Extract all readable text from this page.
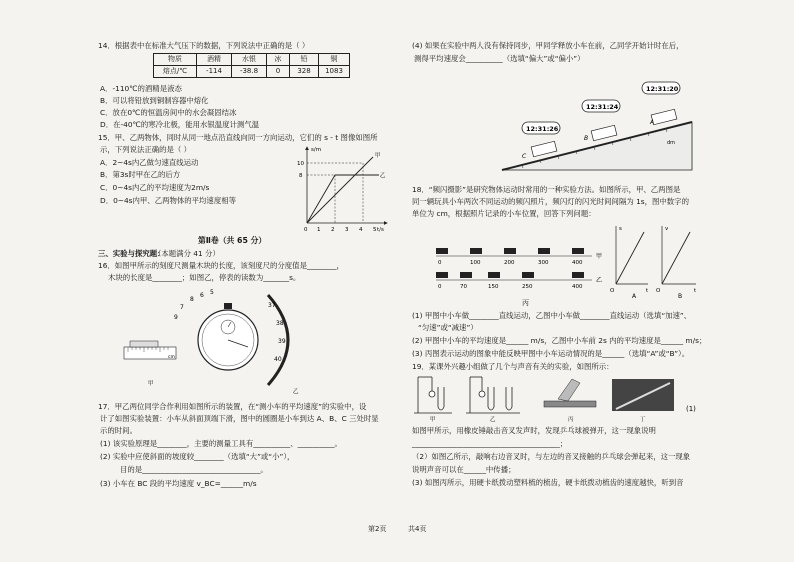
14．根据表中在标准大气压下的数据，下列说法中正确的是（ ）
物质	酒精	水银	冰	铅	铜
熔点/℃	-114	-38.8	0	328	1083
A．-110℃的酒精是液态
B．可以将铅放到铜制容器中熔化
C．放在0℃的恒温房间中的水会凝固结冰
D．在-40℃的寒冷北极，能用水银温度计测气温
15．甲、乙两物体，同时从同一地点沿直线向同一方向运动，它们的 s - t 图像如图所
示，下列说法正确的是（ ）
A．2~4s内乙做匀速直线运动
B．第3s时甲在乙的后方
C．0~4s内乙的平均速度为2m/s
D．0~4s内甲、乙两物体的平均速度相等
s/m
t/s
10
8
0 1 2 3 4 5
甲
乙
第Ⅱ卷（共 65 分）
三、实验与探究题：
（本题满分 41 分）
16．如图甲所示的刻度尺测量木块的长度，该刻度尺的分度值是________，
木块的长度是________；如图乙，停表的读数为_______s。
cm
甲
8
7
6 5
9
37
38
39
40
乙
17．甲乙两位同学合作利用如图所示的装置，在“测小车的平均速度”的实验中，设
计了如图实验装置：小车从斜面顶端下滑，图中的圆圈是小车到达 A、B、C 三处时显
示的时间。
(1) 该实验原理是________，主要的测量工具有__________、__________。
(2) 实验中应使斜面的坡度较________（选填“大”或“小”），
目的是________________________________。
(3) 小车在 BC 段的平均速度 v_BC=______m/s
(4) 如果在实验中两人没有保持同步，甲同学释放小车在前，乙同学开始计时在后，
测得平均速度会__________（选填“偏大”或“偏小”）
dm
A
B
C
12:31:20
12:31:24
12:31:26
18．“频闪摄影”是研究物体运动时常用的一种实验方法。如图所示，甲、乙两图是
同一辆玩具小车两次不同运动的频闪照片，频闪灯的闪光时间间隔为 1s，图中数字的
单位为 cm，根据照片记录的小车位置，回答下列问题：
0	100	200	300	400
甲
0	70	150	250	400
乙
s
t
O
A
v
t
O
B
丙
(1) 甲图中小车做________直线运动，乙图中小车做________直线运动（选填“加速”、
“匀速”或“减速”）
(2) 甲图中小车的平均速度是______ m/s，乙图中小车前 2s 内的平均速度是______ m/s；
(3) 丙图表示运动的图象中能反映甲图中小车运动情况的是______（选填“A”或“B”）。
19．某课外兴趣小组做了几个与声音有关的实验，如图所示：
甲	乙	丙	丁
(1)
如图甲所示，用橡皮锤敲击音叉发声时，发现乒乓球被弹开，这一现象说明
________________________________________；
（2）如图乙所示，敲响右边音叉时，与左边的音叉接触的乒乓球会弹起来，这一现象
说明声音可以在______中传播；
(3) 如图丙所示，用硬卡纸拨动塑料梳的梳齿，硬卡纸拨动梳齿的速度越快，听到音
第2页	共4页
